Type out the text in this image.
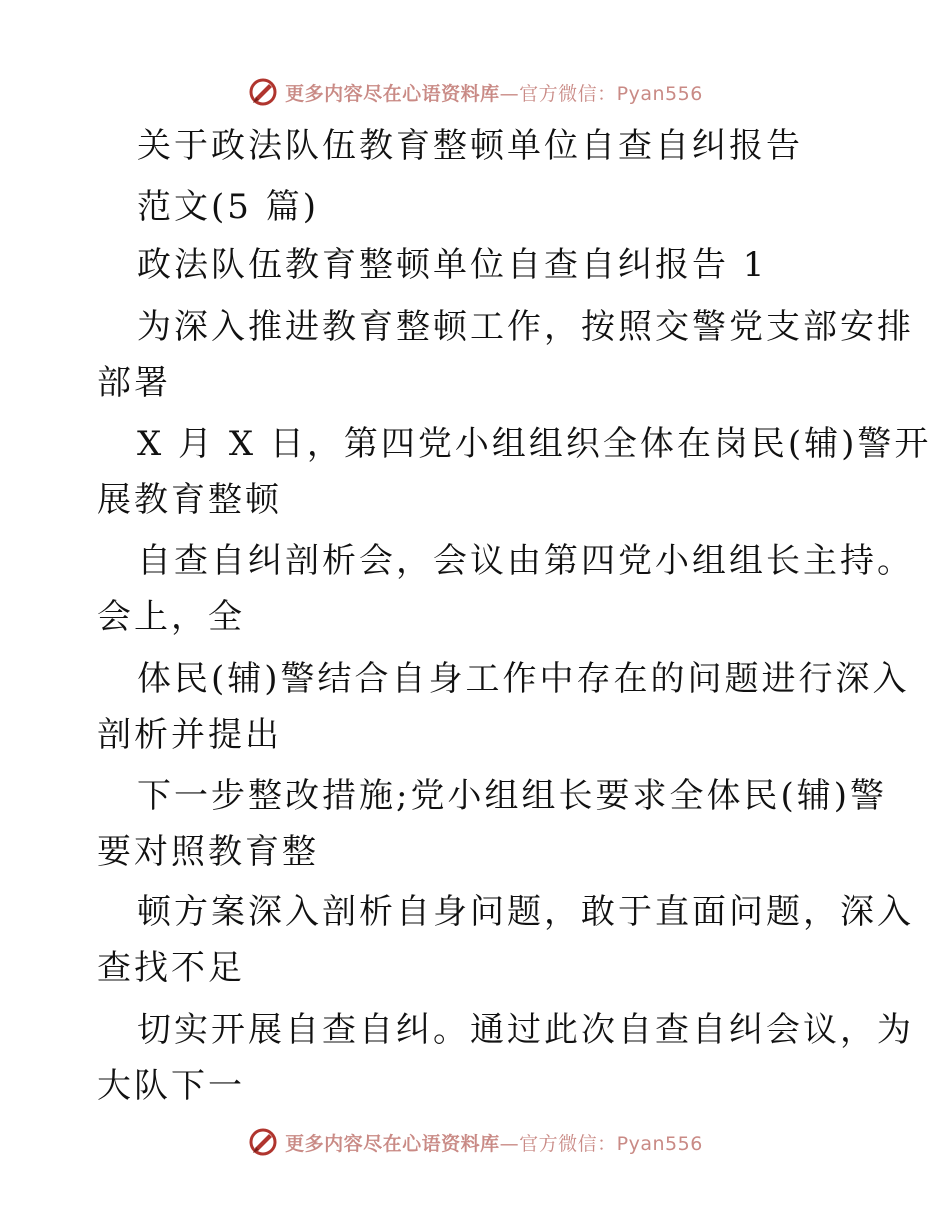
更多内容尽在心语资料库—官方微信：Pyan556
关于政法队伍教育整顿单位自查自纠报告
范文(5 篇)
政法队伍教育整顿单位自查自纠报告 1
为深入推进教育整顿工作，按照交警党支部安排
部署
X 月 X 日，第四党小组组织全体在岗民(辅)警开
展教育整顿
自查自纠剖析会，会议由第四党小组组长主持。
会上，全
体民(辅)警结合自身工作中存在的问题进行深入
剖析并提出
下一步整改措施;党小组组长要求全体民(辅)警
要对照教育整
顿方案深入剖析自身问题，敢于直面问题，深入
查找不足
切实开展自查自纠。通过此次自查自纠会议，为
大队下一
更多内容尽在心语资料库—官方微信：Pyan556
